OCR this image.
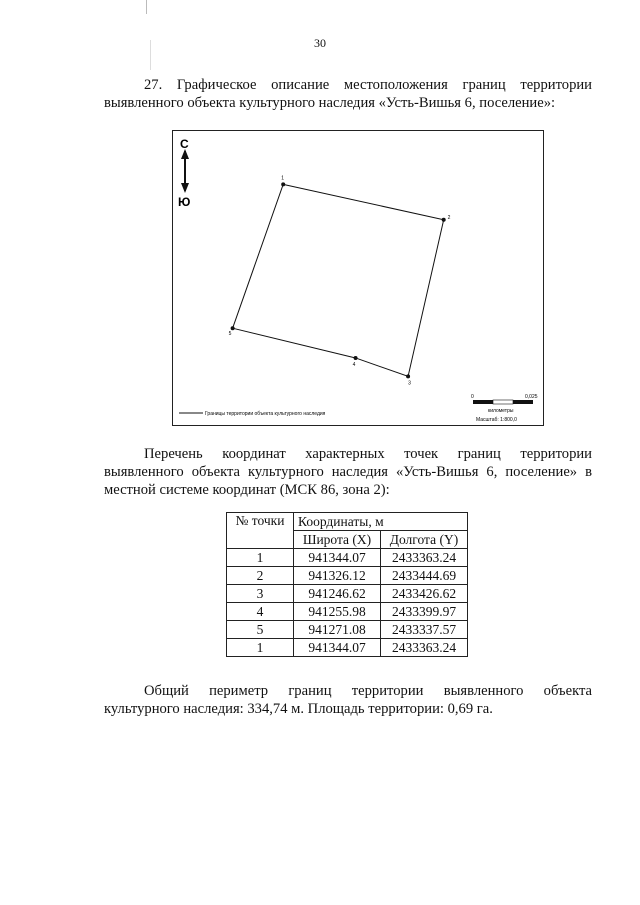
30
27. Графическое описание местоположения границ территории
выявленного объекта культурного наследия «Усть-Вишья 6, поселение»:
С
Ю
1
2
3
4
5
Границы территории объекта культурного наследия
0	0,025
километры
Масштаб: 1:800,0
Перечень координат характерных точек границ территории
выявленного объекта культурного наследия «Усть-Вишья 6, поселение» в
местной системе координат (МСК 86, зона 2):
№ точки	Координаты, м	
	Широта (X)	Долгота (Y)
1	941344.07	2433363.24
2	941326.12	2433444.69
3	941246.62	2433426.62
4	941255.98	2433399.97
5	941271.08	2433337.57
1	941344.07	2433363.24
Общий периметр границ территории выявленного объекта
культурного наследия: 334,74 м. Площадь территории: 0,69 га.
